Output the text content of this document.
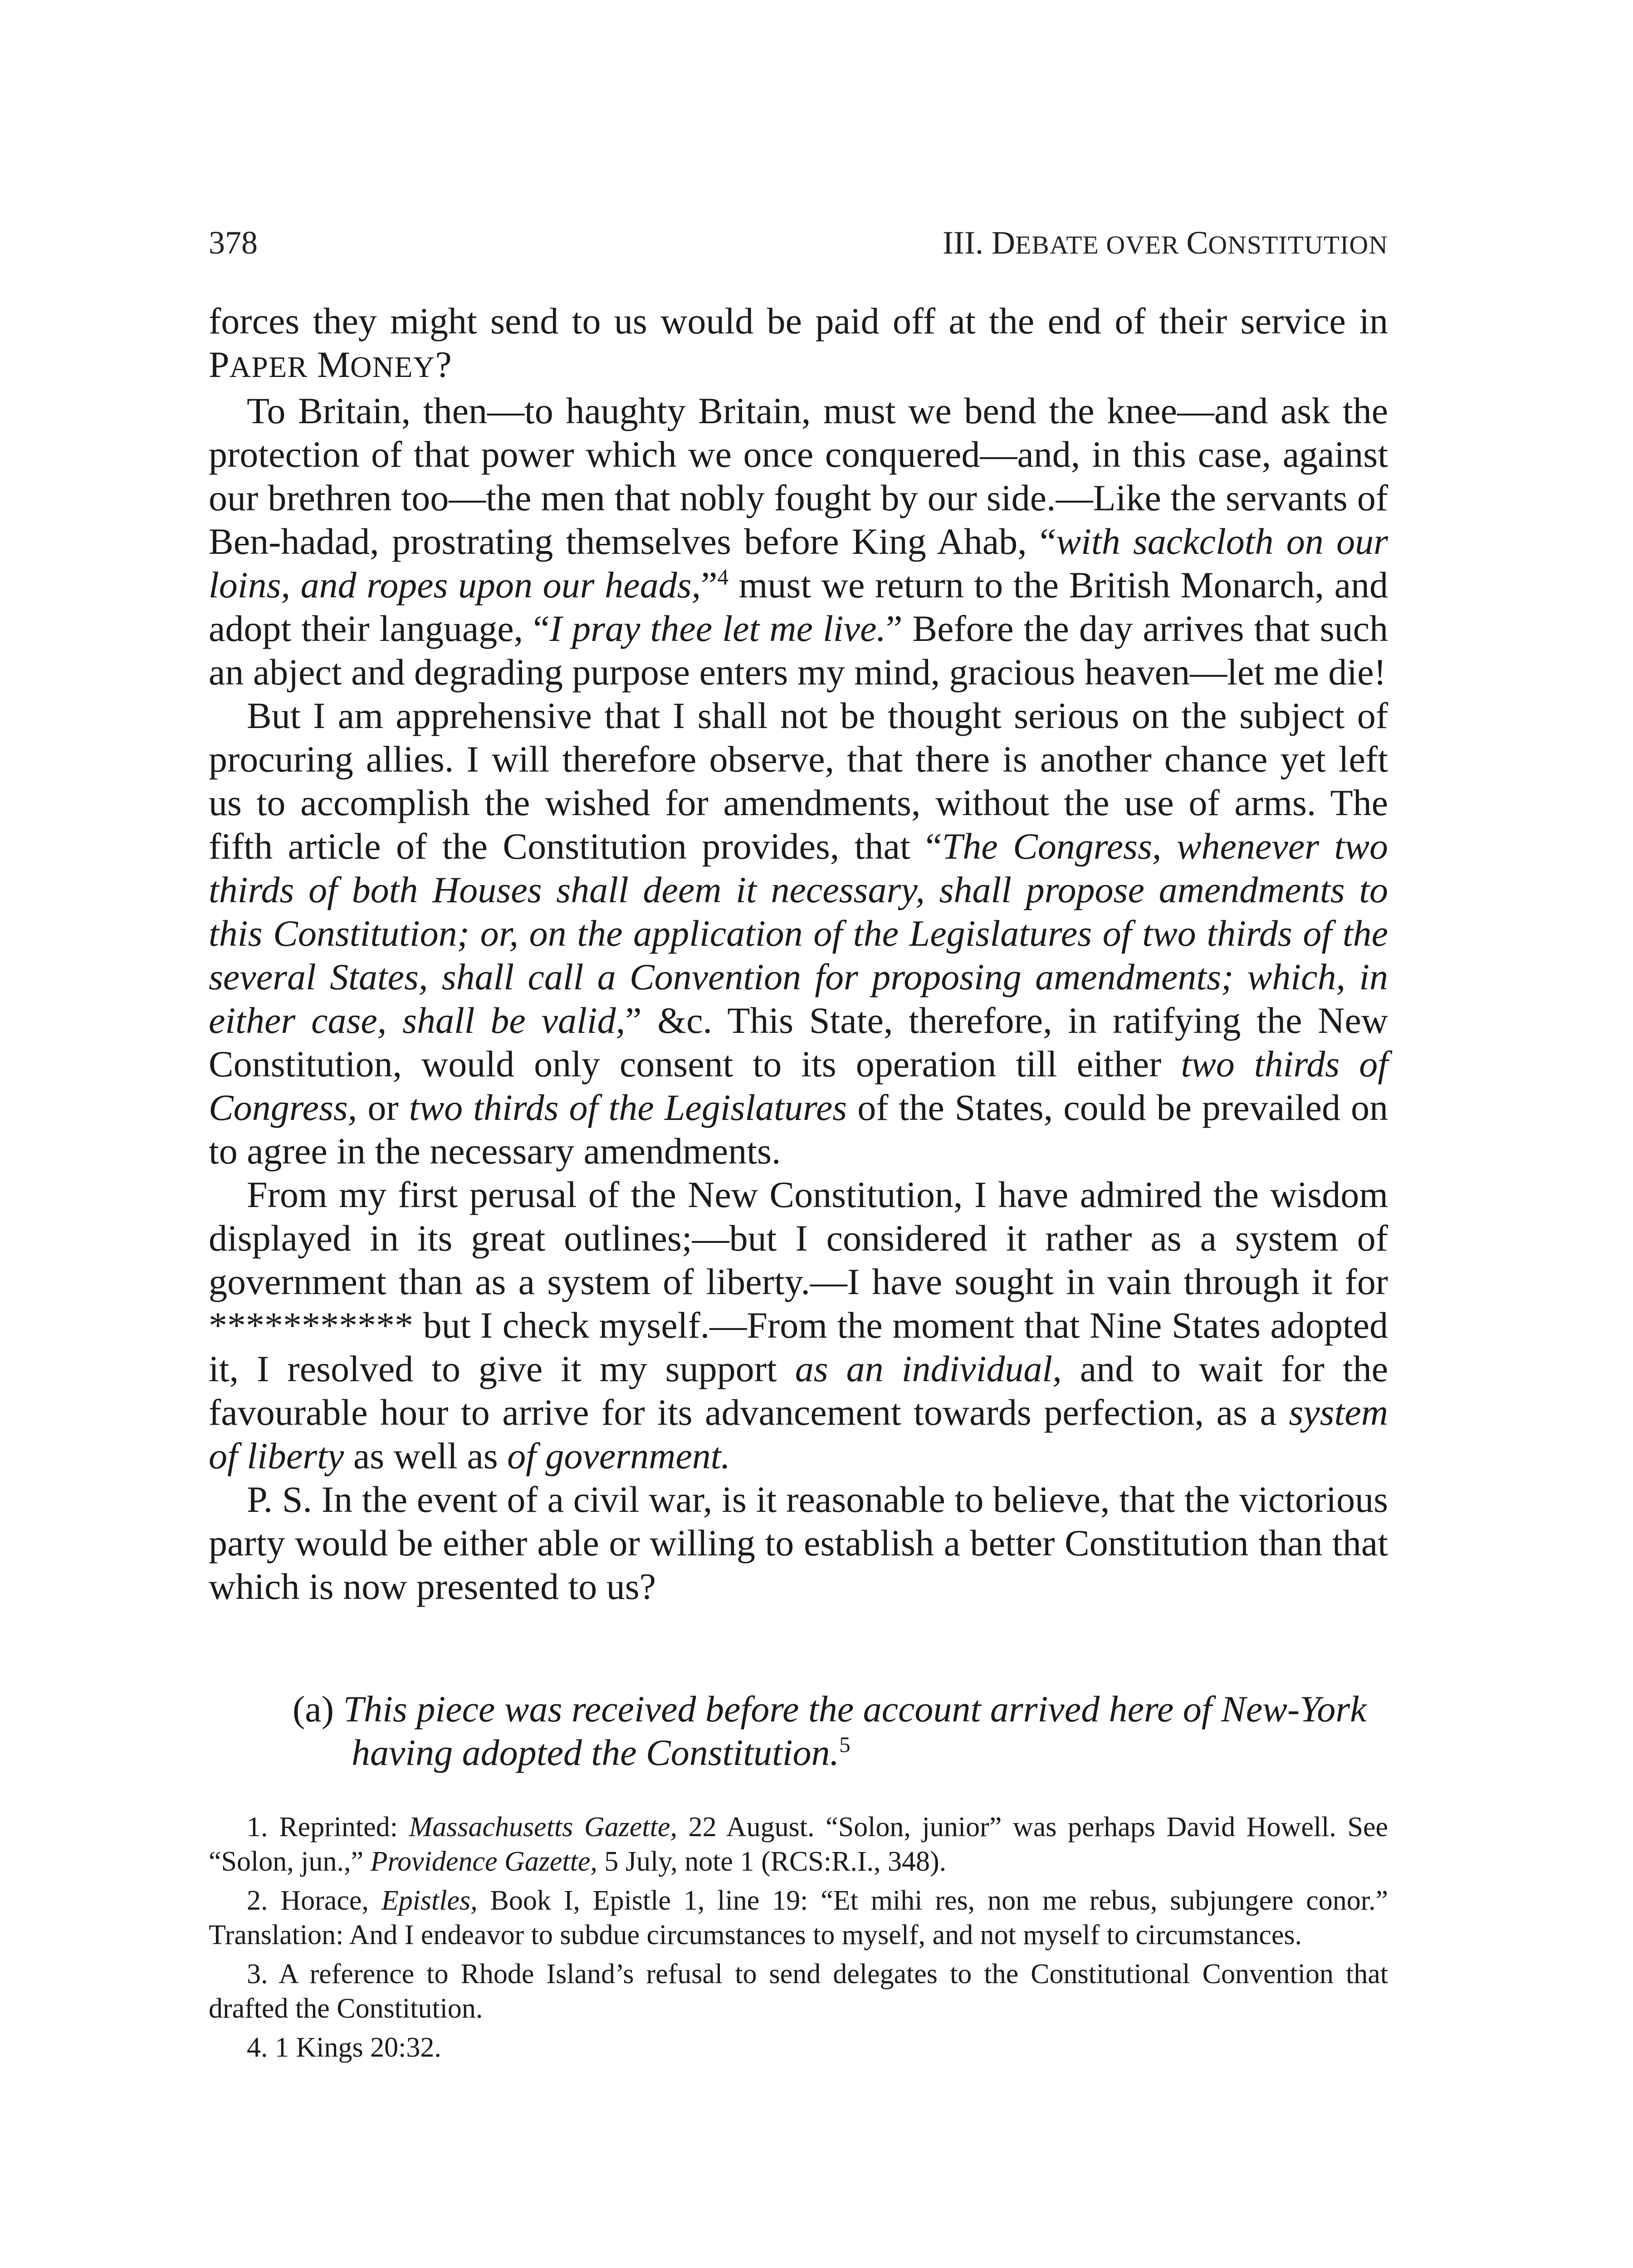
378	III. DEBATE OVER CONSTITUTION

forces they might send to us would be paid off at the end of their service in PAPER MONEY?

To Britain, then—to haughty Britain, must we bend the knee—and ask the protection of that power which we once conquered—and, in this case, against our brethren too—the men that nobly fought by our side.—Like the servants of Ben-hadad, prostrating themselves before King Ahab, “with sackcloth on our loins, and ropes upon our heads,”$^4$ must we return to the British Monarch, and adopt their language, “I pray thee let me live.” Before the day arrives that such an abject and degrading purpose enters my mind, gracious heaven—let me die!

But I am apprehensive that I shall not be thought serious on the subject of procuring allies. I will therefore observe, that there is another chance yet left us to accomplish the wished for amendments, without the use of arms. The fifth article of the Constitution provides, that “The Congress, whenever two thirds of both Houses shall deem it necessary, shall propose amendments to this Constitution; or, on the application of the Legislatures of two thirds of the several States, shall call a Convention for proposing amendments; which, in either case, shall be valid,” &c. This State, therefore, in ratifying the New Constitution, would only consent to its operation till either two thirds of Congress, or two thirds of the Legislatures of the States, could be prevailed on to agree in the necessary amendments.

From my first perusal of the New Constitution, I have admired the wisdom displayed in its great outlines;—but I considered it rather as a system of government than as a system of liberty.—I have sought in vain through it for *********** but I check myself.—From the moment that Nine States adopted it, I resolved to give it my support as an individual, and to wait for the favourable hour to arrive for its advancement towards perfection, as a system of liberty as well as of government.

P. S. In the event of a civil war, is it reasonable to believe, that the victorious party would be either able or willing to establish a better Constitution than that which is now presented to us?

(a) This piece was received before the account arrived here of New-York having adopted the Constitution.$^5$

1. Reprinted: Massachusetts Gazette, 22 August. “Solon, junior” was perhaps David Howell. See “Solon, jun.,” Providence Gazette, 5 July, note 1 (RCS:R.I., 348).

2. Horace, Epistles, Book I, Epistle 1, line 19: “Et mihi res, non me rebus, subjungere conor.” Translation: And I endeavor to subdue circumstances to myself, and not myself to circumstances.

3. A reference to Rhode Island’s refusal to send delegates to the Constitutional Convention that drafted the Constitution.

4. 1 Kings 20:32.
